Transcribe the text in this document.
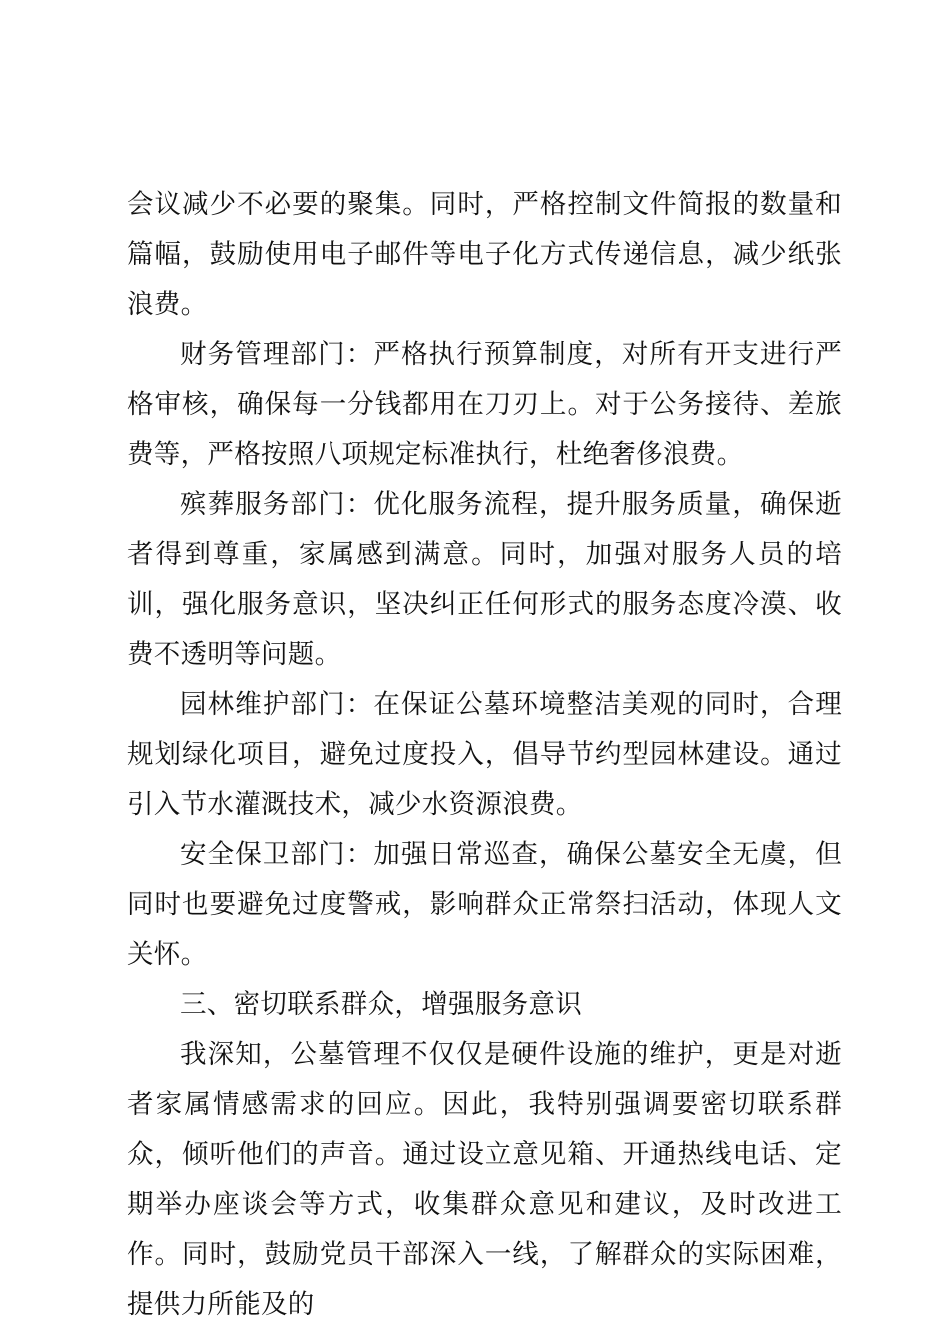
会议减少不必要的聚集。同时，严格控制文件简报的数量和篇幅，鼓励使用电子邮件等电子化方式传递信息，减少纸张浪费。

财务管理部门：严格执行预算制度，对所有开支进行严格审核，确保每一分钱都用在刀刃上。对于公务接待、差旅费等，严格按照八项规定标准执行，杜绝奢侈浪费。

殡葬服务部门：优化服务流程，提升服务质量，确保逝者得到尊重，家属感到满意。同时，加强对服务人员的培训，强化服务意识，坚决纠正任何形式的服务态度冷漠、收费不透明等问题。

园林维护部门：在保证公墓环境整洁美观的同时，合理规划绿化项目，避免过度投入，倡导节约型园林建设。通过引入节水灌溉技术，减少水资源浪费。

安全保卫部门：加强日常巡查，确保公墓安全无虞，但同时也要避免过度警戒，影响群众正常祭扫活动，体现人文关怀。

三、密切联系群众，增强服务意识

我深知，公墓管理不仅仅是硬件设施的维护，更是对逝者家属情感需求的回应。因此，我特别强调要密切联系群众，倾听他们的声音。通过设立意见箱、开通热线电话、定期举办座谈会等方式，收集群众意见和建议，及时改进工作。同时，鼓励党员干部深入一线，了解群众的实际困难，提供力所能及的
